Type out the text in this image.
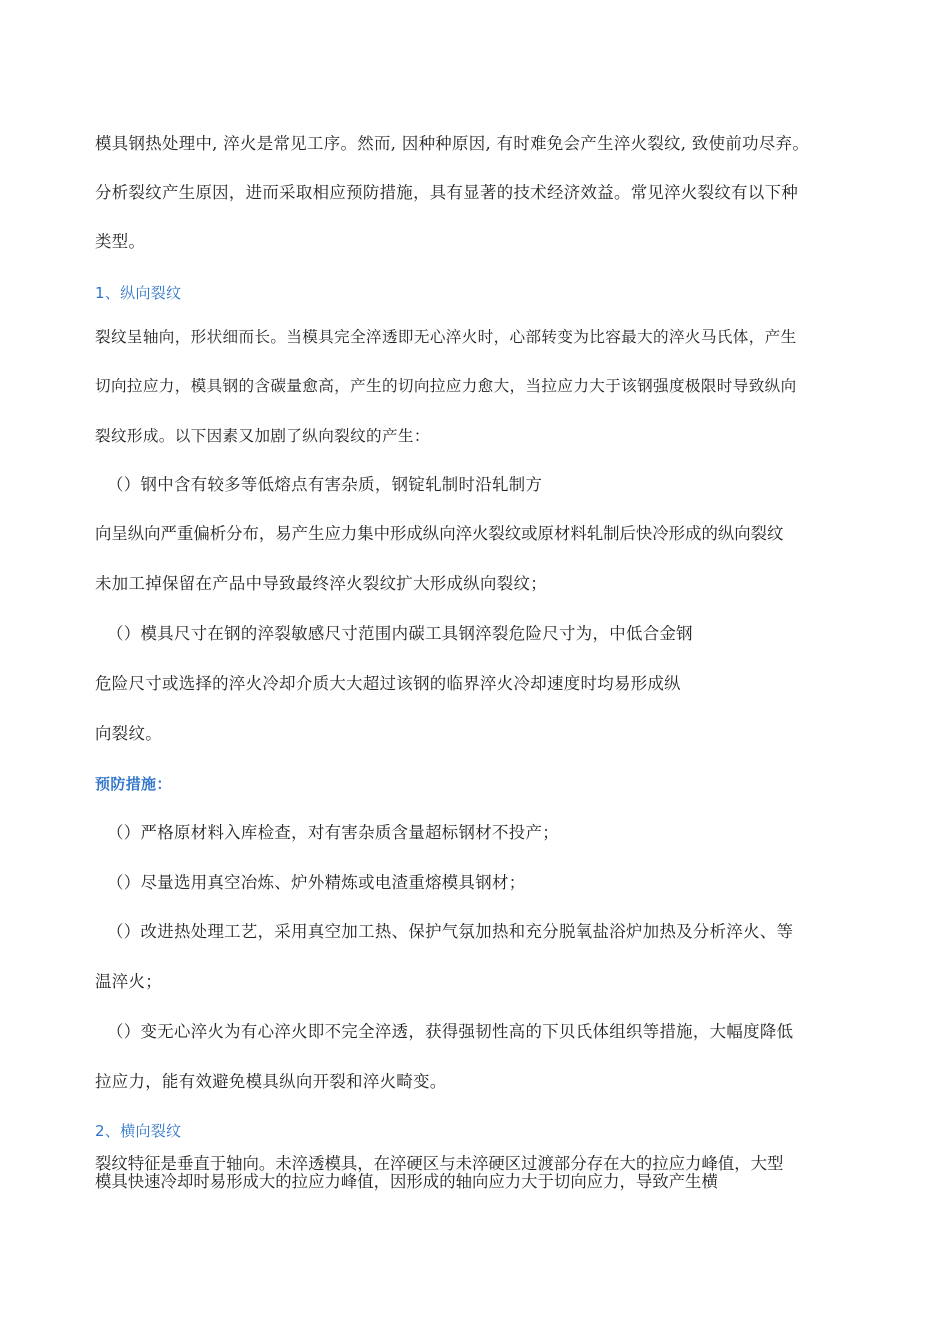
模具钢热处理中, 淬火是常见工序。然而, 因种种原因, 有时难免会产生淬火裂纹, 致使前功尽弃。
分析裂纹产生原因，进而采取相应预防措施，具有显著的技术经济效益。常见淬火裂纹有以下种
类型。
1、纵向裂纹
裂纹呈轴向，形状细而长。当模具完全淬透即无心淬火时，心部转变为比容最大的淬火马氏体，产生
切向拉应力，模具钢的含碳量愈高，产生的切向拉应力愈大，当拉应力大于该钢强度极限时导致纵向
裂纹形成。以下因素又加剧了纵向裂纹的产生：
（）钢中含有较多等低熔点有害杂质，钢锭轧制时沿轧制方
向呈纵向严重偏析分布，易产生应力集中形成纵向淬火裂纹或原材料轧制后快冷形成的纵向裂纹
未加工掉保留在产品中导致最终淬火裂纹扩大形成纵向裂纹；
（）模具尺寸在钢的淬裂敏感尺寸范围内碳工具钢淬裂危险尺寸为，中低合金钢
危险尺寸或选择的淬火冷却介质大大超过该钢的临界淬火冷却速度时均易形成纵
向裂纹。
预防措施：
（）严格原材料入库检查，对有害杂质含量超标钢材不投产；
（）尽量选用真空冶炼、炉外精炼或电渣重熔模具钢材；
（）改进热处理工艺，采用真空加工热、保护气氛加热和充分脱氧盐浴炉加热及分析淬火、等
温淬火；
（）变无心淬火为有心淬火即不完全淬透，获得强韧性高的下贝氏体组织等措施，大幅度降低
拉应力，能有效避免模具纵向开裂和淬火畸变。
2、横向裂纹
裂纹特征是垂直于轴向。未淬透模具，在淬硬区与未淬硬区过渡部分存在大的拉应力峰值，大型
模具快速冷却时易形成大的拉应力峰值，因形成的轴向应力大于切向应力，导致产生横
